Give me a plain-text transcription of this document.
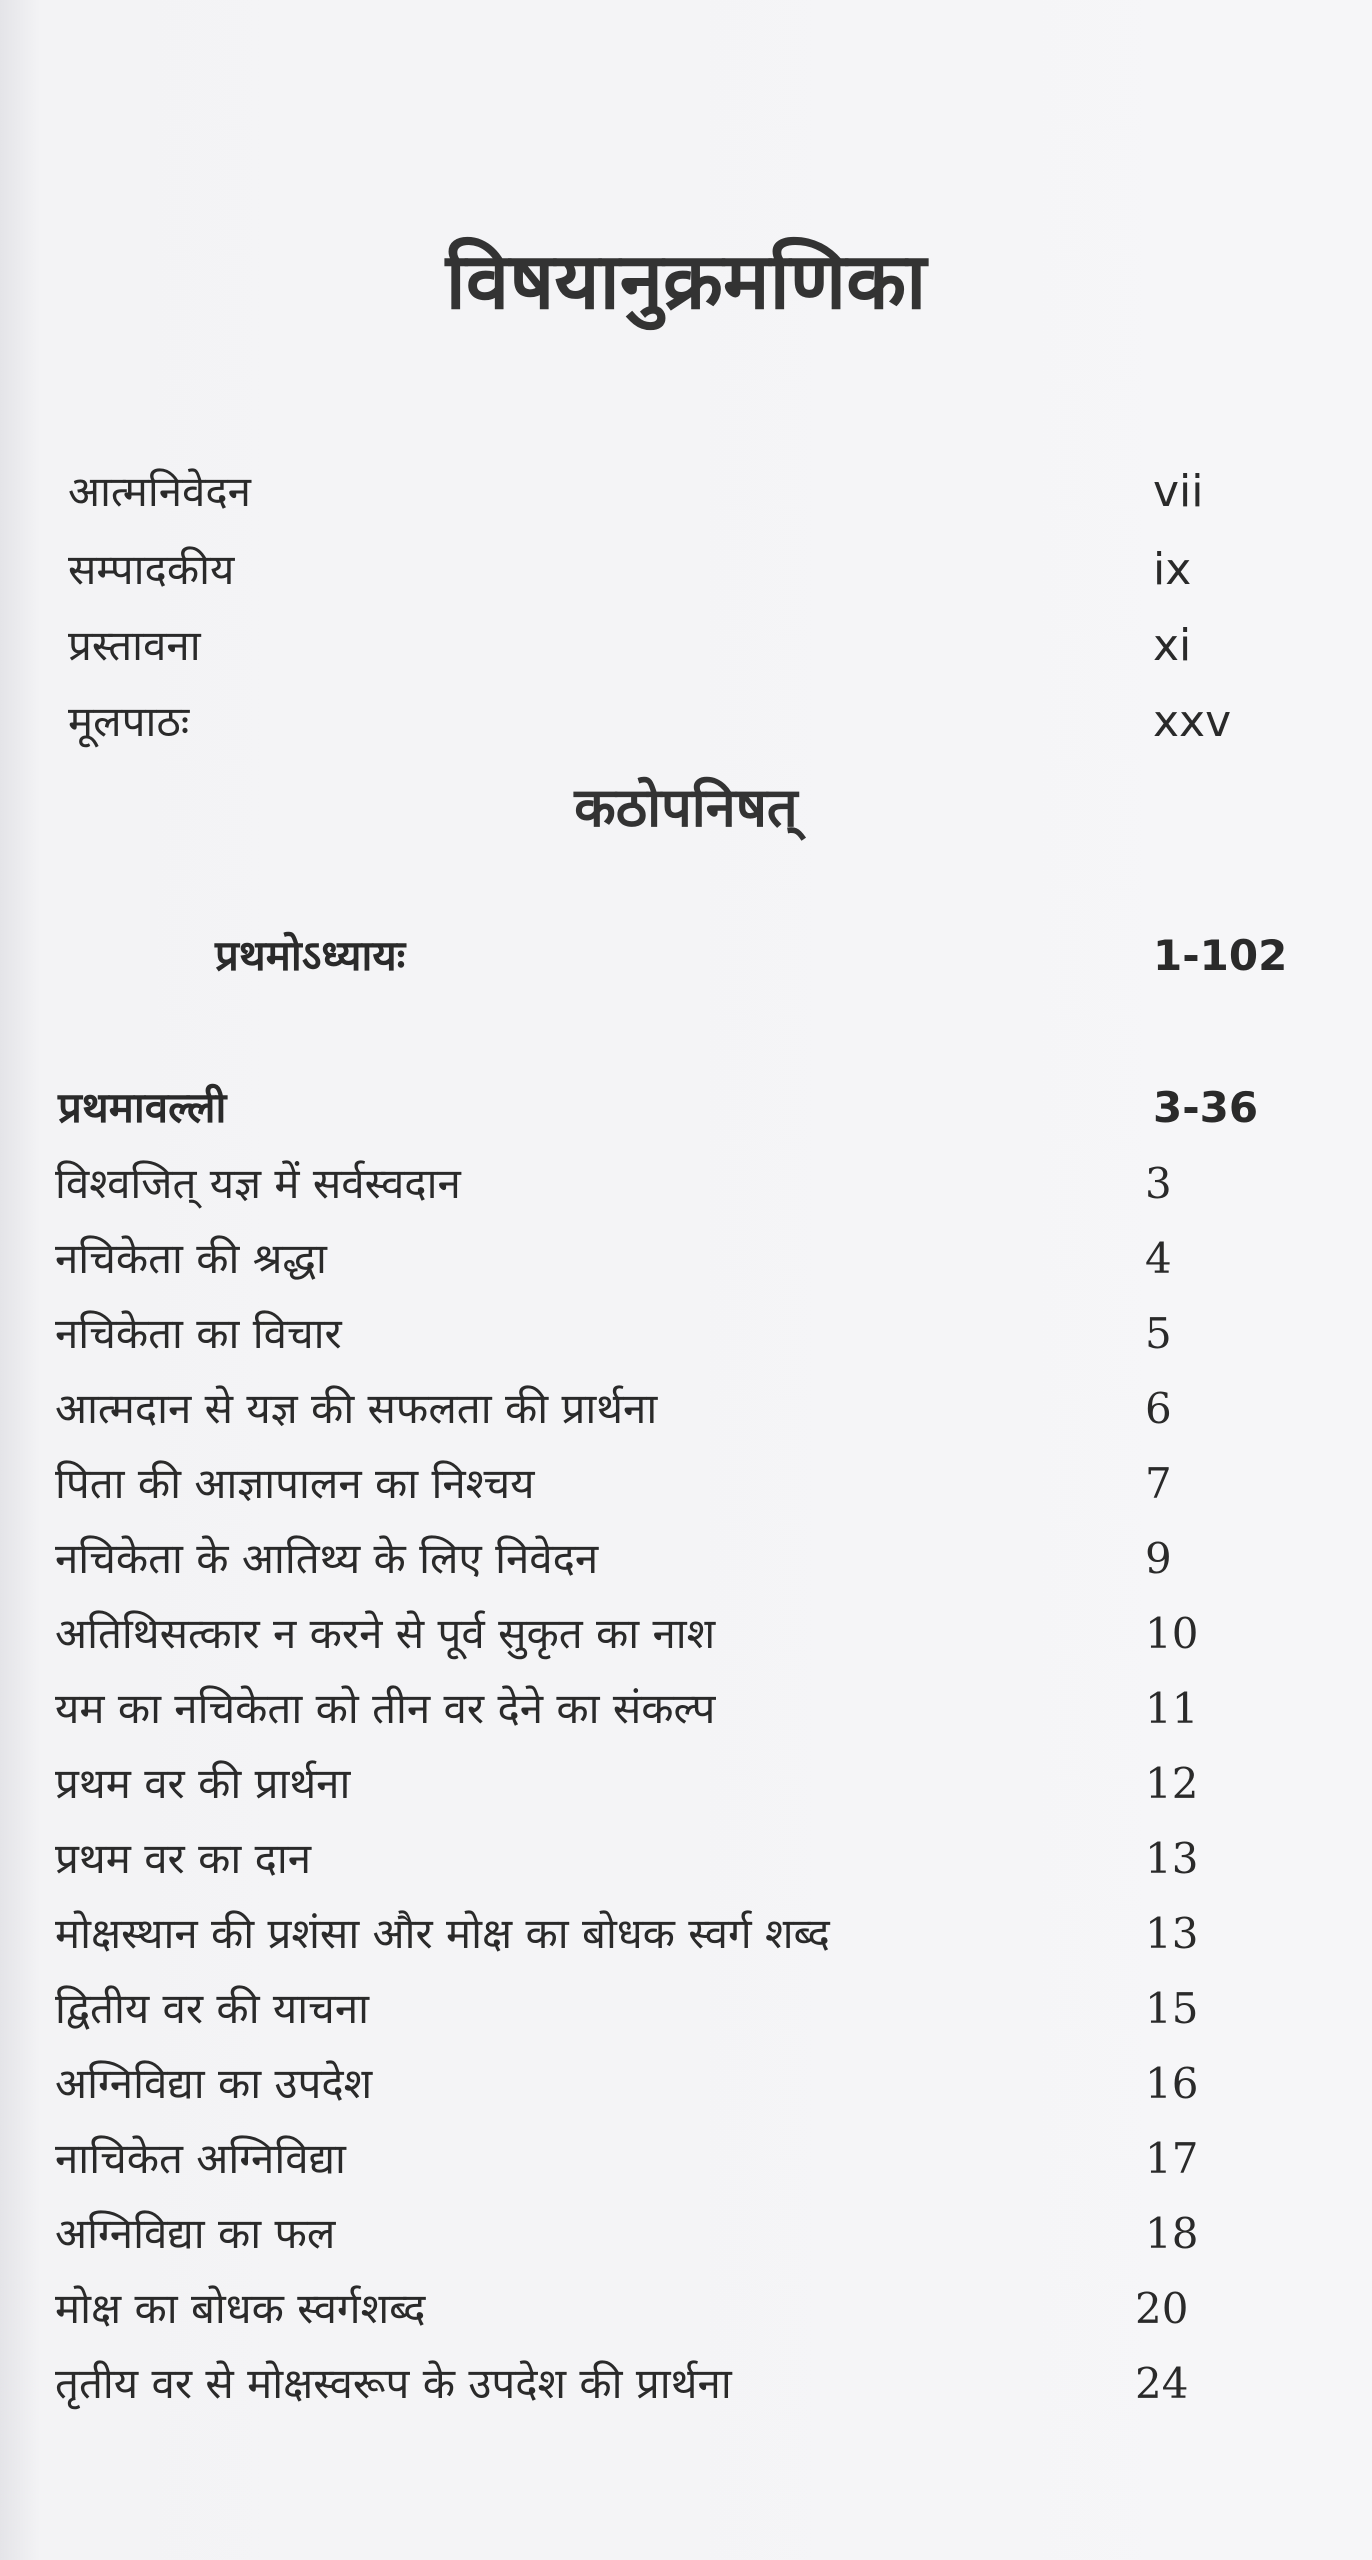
विषयानुक्रमणिका
आत्मनिवेदन	vii
सम्पादकीय	ix
प्रस्तावना	xi
मूलपाठः	xxv
कठोपनिषत्
प्रथमोऽध्यायः	1-102
प्रथमावल्ली	3-36
विश्वजित् यज्ञ में सर्वस्वदान	3
नचिकेता की श्रद्धा	4
नचिकेता का विचार	5
आत्मदान से यज्ञ की सफलता की प्रार्थना	6
पिता की आज्ञापालन का निश्चय	7
नचिकेता के आतिथ्य के लिए निवेदन	9
अतिथिसत्कार न करने से पूर्व सुकृत का नाश	10
यम का नचिकेता को तीन वर देने का संकल्प	11
प्रथम वर की प्रार्थना	12
प्रथम वर का दान	13
मोक्षस्थान की प्रशंसा और मोक्ष का बोधक स्वर्ग शब्द	13
द्वितीय वर की याचना	15
अग्निविद्या का उपदेश	16
नाचिकेत अग्निविद्या	17
अग्निविद्या का फल	18
मोक्ष का बोधक स्वर्गशब्द	20
तृतीय वर से मोक्षस्वरूप के उपदेश की प्रार्थना	24
